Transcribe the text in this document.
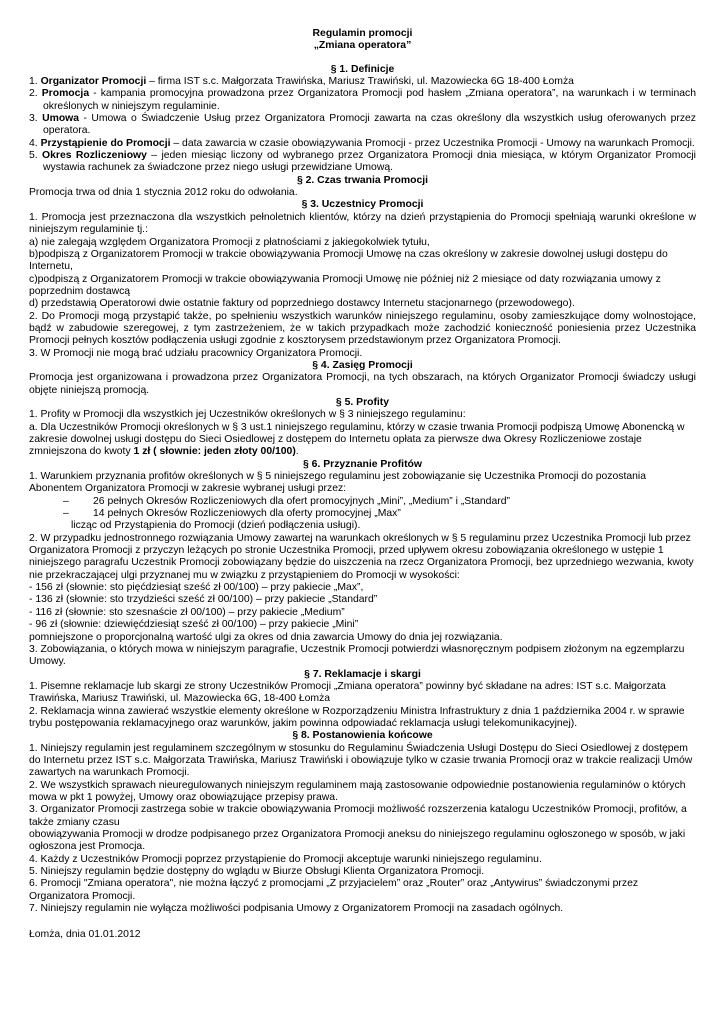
Regulamin promocji

„Zmiana operatora”

§ 1. Definicje

1. Organizator Promocji – firma IST s.c. Małgorzata Trawińska, Mariusz Trawiński, ul. Mazowiecka 6G 18-400 Łomża

2. Promocja - kampania promocyjna prowadzona przez Organizatora Promocji pod hasłem „Zmiana operatora”, na warunkach i w terminach określonych w niniejszym regulaminie.

3. Umowa - Umowa o Świadczenie Usług przez Organizatora Promocji zawarta na czas określony dla wszystkich usług oferowanych przez operatora.

4. Przystąpienie do Promocji – data zawarcia w czasie obowiązywania Promocji - przez Uczestnika Promocji - Umowy na warunkach Promocji.

5. Okres Rozliczeniowy – jeden miesiąc liczony od wybranego przez Organizatora Promocji dnia miesiąca, w którym Organizator Promocji wystawia rachunek za świadczone przez niego usługi przewidziane Umową.

§ 2. Czas trwania Promocji

Promocja trwa od dnia 1 stycznia 2012 roku do odwołania.

§ 3. Uczestnicy Promocji

1. Promocja jest przeznaczona dla wszystkich pełnoletnich klientów, którzy na dzień przystąpienia do Promocji spełniają warunki określone w niniejszym regulaminie tj.:

a) nie zalegają względem Organizatora Promocji z płatnościami z jakiegokolwiek tytułu,

b)podpiszą z Organizatorem Promocji w trakcie obowiązywania Promocji Umowę na czas określony w zakresie dowolnej usługi dostępu do Internetu,

c)podpiszą z Organizatorem Promocji w trakcie obowiązywania Promocji Umowę nie później niż 2 miesiące od daty rozwiązania umowy z poprzednim dostawcą

d) przedstawią Operatorowi dwie ostatnie faktury od poprzedniego dostawcy Internetu stacjonarnego (przewodowego).

2. Do Promocji mogą przystąpić także, po spełnieniu wszystkich warunków niniejszego regulaminu, osoby zamieszkujące domy wolnostojące, bądź w zabudowie szeregowej, z tym zastrzeżeniem, że w takich przypadkach może zachodzić konieczność poniesienia przez Uczestnika Promocji pełnych kosztów podłączenia usługi zgodnie z kosztorysem przedstawionym przez Organizatora Promocji.

3. W Promocji nie mogą brać udziału pracownicy Organizatora Promocji.

§ 4. Zasięg Promocji

Promocja jest organizowana i prowadzona przez Organizatora Promocji, na tych obszarach, na których Organizator Promocji świadczy usługi objęte niniejszą promocją.

§ 5. Profity

1. Profity w Promocji dla wszystkich jej Uczestników określonych w § 3 niniejszego regulaminu:

a. Dla Uczestników Promocji określonych w § 3 ust.1 niniejszego regulaminu, którzy w czasie trwania Promocji podpiszą Umowę Abonencką w zakresie dowolnej usługi dostępu do Sieci Osiedlowej z dostępem do Internetu opłata za pierwsze dwa Okresy Rozliczeniowe zostaje zmniejszona do kwoty 1 zł ( słownie: jeden złoty 00/100).

§ 6. Przyznanie Profitów

1. Warunkiem przyznania profitów określonych w § 5 niniejszego regulaminu jest zobowiązanie się Uczestnika Promocji do pozostania Abonentem Organizatora Promocji w zakresie wybranej usługi przez:

– 26 pełnych Okresów Rozliczeniowych dla ofert promocyjnych „Mini”, „Medium” i „Standard”

– 14 pełnych Okresów Rozliczeniowych dla oferty promocyjnej „Max”

licząc od Przystąpienia do Promocji (dzień podłączenia usługi).

2. W przypadku jednostronnego rozwiązania Umowy zawartej na warunkach określonych w § 5 regulaminu przez Uczestnika Promocji lub przez Organizatora Promocji z przyczyn leżących po stronie Uczestnika Promocji, przed upływem okresu zobowiązania określonego w ustępie 1 niniejszego paragrafu Uczestnik Promocji zobowiązany będzie do uiszczenia na rzecz Organizatora Promocji, bez uprzedniego wezwania, kwoty nie przekraczającej ulgi przyznanej mu w związku z przystąpieniem do Promocji w wysokości:

- 156 zł (słownie: sto pięćdziesiąt sześć zł 00/100) – przy pakiecie „Max”,

- 136 zł (słownie: sto trzydzieści sześć zł 00/100) – przy pakiecie „Standard”

- 116 zł (słownie: sto szesnaście zł 00/100) – przy pakiecie „Medium”

- 96 zł (słownie: dziewięćdziesiąt sześć zł 00/100) – przy pakiecie „Mini”

pomniejszone o proporcjonalną wartość ulgi za okres od dnia zawarcia Umowy do dnia jej rozwiązania.

3. Zobowiązania, o których mowa w niniejszym paragrafie, Uczestnik Promocji potwierdzi własnoręcznym podpisem złożonym na egzemplarzu Umowy.

§ 7. Reklamacje i skargi

1. Pisemne reklamacje lub skargi ze strony Uczestników Promocji „Zmiana operatora” powinny być składane na adres: IST s.c. Małgorzata Trawińska, Mariusz Trawiński, ul. Mazowiecka 6G, 18-400 Łomża

2. Reklamacja winna zawierać wszystkie elementy określone w Rozporządzeniu Ministra Infrastruktury z dnia 1 października 2004 r. w sprawie trybu postępowania reklamacyjnego oraz warunków, jakim powinna odpowiadać reklamacja usługi telekomunikacyjnej).

§ 8. Postanowienia końcowe

1. Niniejszy regulamin jest regulaminem szczególnym w stosunku do Regulaminu Świadczenia Usługi Dostępu do Sieci Osiedlowej z dostępem do Internetu przez IST s.c. Małgorzata Trawińska, Mariusz Trawiński i obowiązuje tylko w czasie trwania Promocji oraz w trakcie realizacji Umów zawartych na warunkach Promocji.

2. We wszystkich sprawach nieuregulowanych niniejszym regulaminem mają zastosowanie odpowiednie postanowienia regulaminów o których mowa w pkt 1 powyżej, Umowy oraz obowiązujące przepisy prawa.

3. Organizator Promocji zastrzega sobie w trakcie obowiązywania Promocji możliwość rozszerzenia katalogu Uczestników Promocji, profitów, a także zmiany czasu

obowiązywania Promocji w drodze podpisanego przez Organizatora Promocji aneksu do niniejszego regulaminu ogłoszonego w sposób, w jaki ogłoszona jest Promocja.

4. Każdy z Uczestników Promocji poprzez przystąpienie do Promocji akceptuje warunki niniejszego regulaminu.

5. Niniejszy regulamin będzie dostępny do wglądu w Biurze Obsługi Klienta Organizatora Promocji.

6. Promocji "Zmiana operatora", nie można łączyć z promocjami „Z przyjacielem” oraz „Router” oraz „Antywirus” świadczonymi przez Organizatora Promocji.

7. Niniejszy regulamin nie wyłącza możliwości podpisania Umowy z Organizatorem Promocji na zasadach ogólnych.

Łomża, dnia 01.01.2012
